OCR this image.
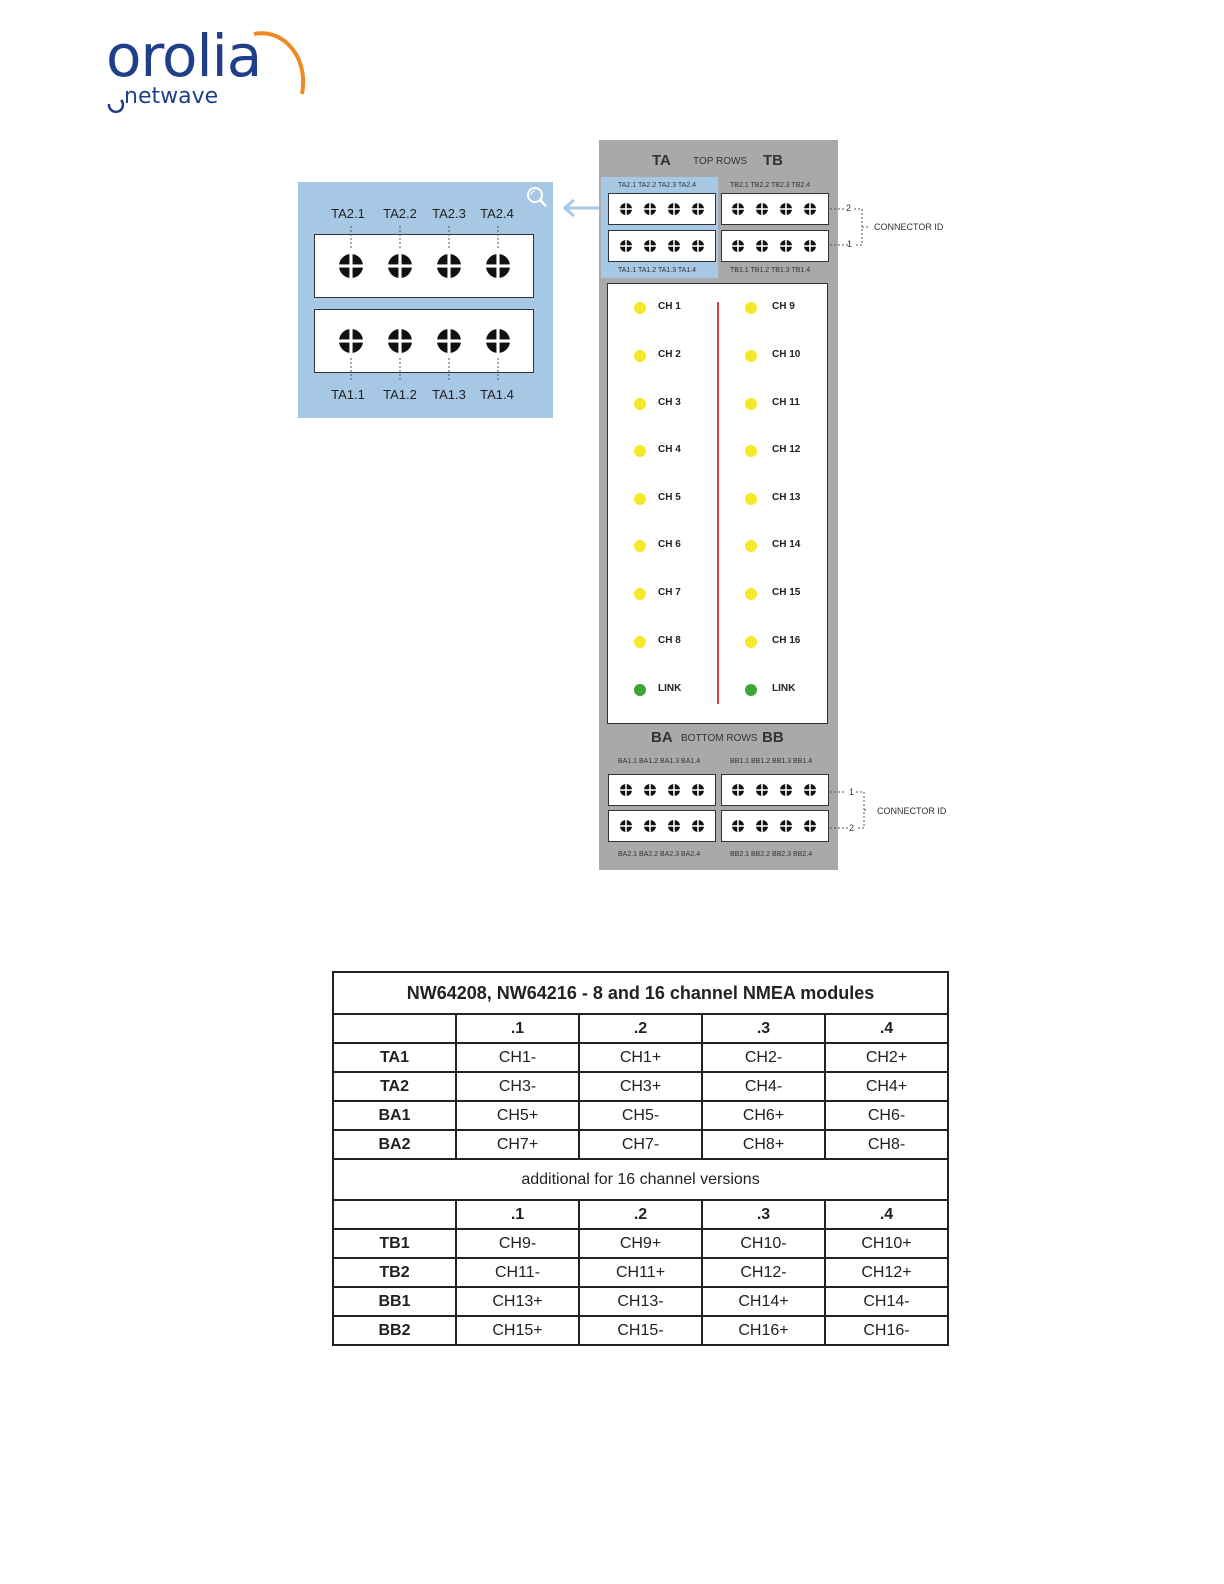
orolia
netwave
TA2.1 TA2.2 TA2.3 TA2.4
TA1.1 TA1.2 TA1.3 TA1.4
TA TOP ROWS TB
TA2.1 TA2.2 TA2.3 TA2.4	TB2.1 TB2.2 TB2.3 TB2.4
TA1.1 TA1.2 TA1.3 TA1.4	TB1.1 TB1.2 TB1.3 TB1.4
CH 1
CH 2
CH 3
CH 4
CH 5
CH 6
CH 7
CH 8
LINK
CH 9
CH 10
CH 11
CH 12
CH 13
CH 14
CH 15
CH 16
LINK
BA BOTTOM ROWS BB
BA1.1 BA1.2 BA1.3 BA1.4	BB1.1 BB1.2 BB1.3 BB1.4
BA2.1 BA2.2 BA2.3 BA2.4	BB2.1 BB2.2 BB2.3 BB2.4
2
1
CONNECTOR ID
1
2
CONNECTOR ID
NW64208, NW64216 - 8 and 16 channel NMEA modules				
	.1	.2	.3	.4
TA1	CH1-	CH1+	CH2-	CH2+
TA2	CH3-	CH3+	CH4-	CH4+
BA1	CH5+	CH5-	CH6+	CH6-
BA2	CH7+	CH7-	CH8+	CH8-
additional for 16 channel versions				
	.1	.2	.3	.4
TB1	CH9-	CH9+	CH10-	CH10+
TB2	CH11-	CH11+	CH12-	CH12+
BB1	CH13+	CH13-	CH14+	CH14-
BB2	CH15+	CH15-	CH16+	CH16-
